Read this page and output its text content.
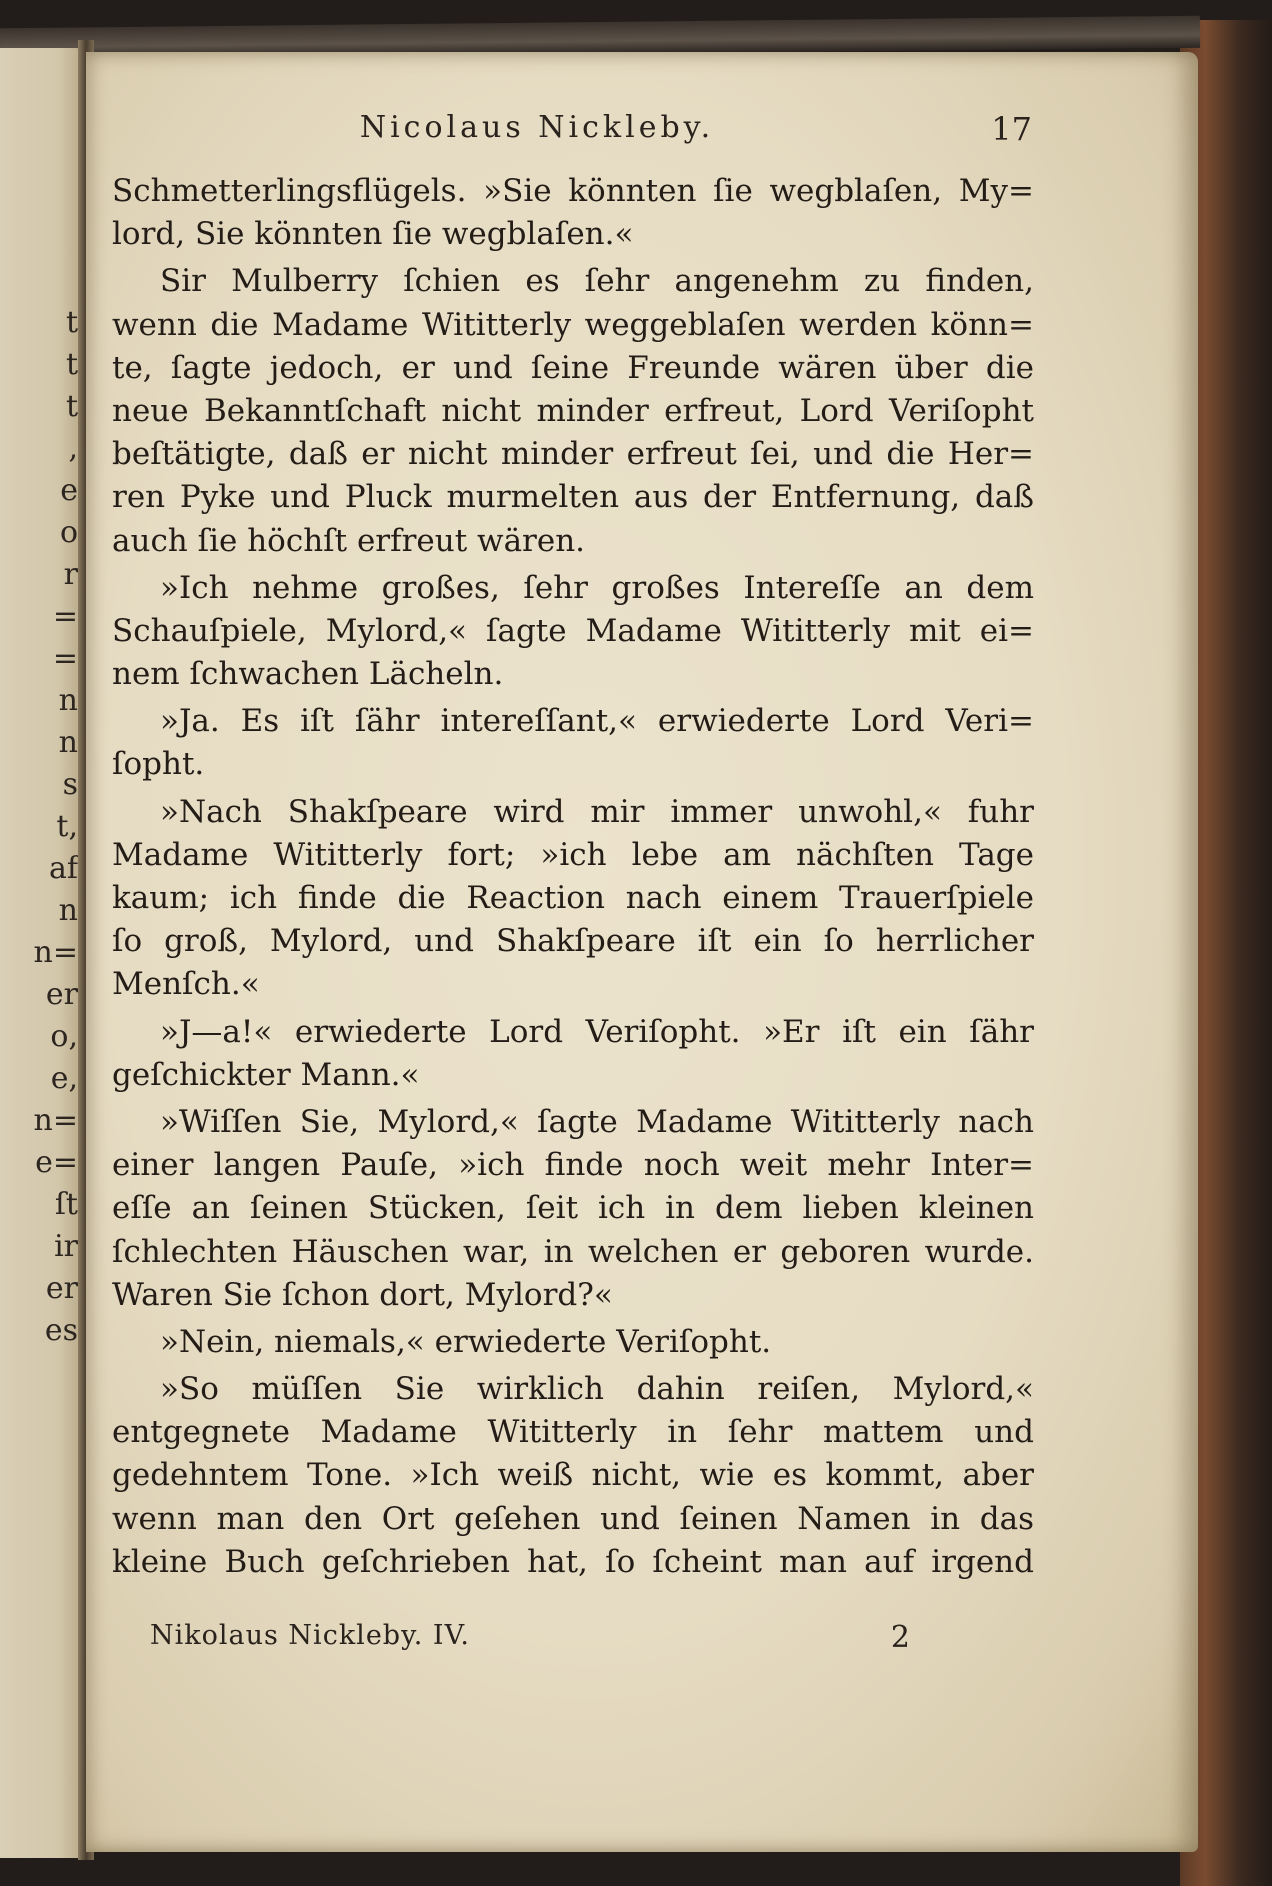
t
t
t
,
e
o
r
=
=
n
n
s
t,
af
n
n=
er
o,
e,
n=
e=
ſt
ir
er
es
Nicolaus Nickleby.	17
Schmetterlingsflügels. »Sie könnten ſie wegblaſen, My=
lord, Sie könnten ſie wegblaſen.«
Sir Mulberry ſchien es ſehr angenehm zu finden,
wenn die Madame Wititterly weggeblaſen werden könn=
te, ſagte jedoch, er und ſeine Freunde wären über die
neue Bekanntſchaft nicht minder erfreut, Lord Veriſopht
beſtätigte, daß er nicht minder erfreut ſei, und die Her=
ren Pyke und Pluck murmelten aus der Entfernung, daß
auch ſie höchſt erfreut wären.
»Ich nehme großes, ſehr großes Intereſſe an dem
Schauſpiele, Mylord,« ſagte Madame Wititterly mit ei=
nem ſchwachen Lächeln.
»Ja. Es iſt ſähr intereſſant,« erwiederte Lord Veri=
ſopht.
»Nach Shakſpeare wird mir immer unwohl,« fuhr
Madame Wititterly fort; »ich lebe am nächſten Tage
kaum; ich finde die Reaction nach einem Trauerſpiele
ſo groß, Mylord, und Shakſpeare iſt ein ſo herrlicher
Menſch.«
»J—a!« erwiederte Lord Veriſopht. »Er iſt ein ſähr
geſchickter Mann.«
»Wiſſen Sie, Mylord,« ſagte Madame Wititterly nach
einer langen Pauſe, »ich finde noch weit mehr Inter=
eſſe an ſeinen Stücken, ſeit ich in dem lieben kleinen
ſchlechten Häuschen war, in welchen er geboren wurde.
Waren Sie ſchon dort, Mylord?«
»Nein, niemals,« erwiederte Veriſopht.
»So müſſen Sie wirklich dahin reiſen, Mylord,«
entgegnete Madame Wititterly in ſehr mattem und
gedehntem Tone. »Ich weiß nicht, wie es kommt, aber
wenn man den Ort geſehen und ſeinen Namen in das
kleine Buch geſchrieben hat, ſo ſcheint man auf irgend
Nikolaus Nickleby. IV.	2
